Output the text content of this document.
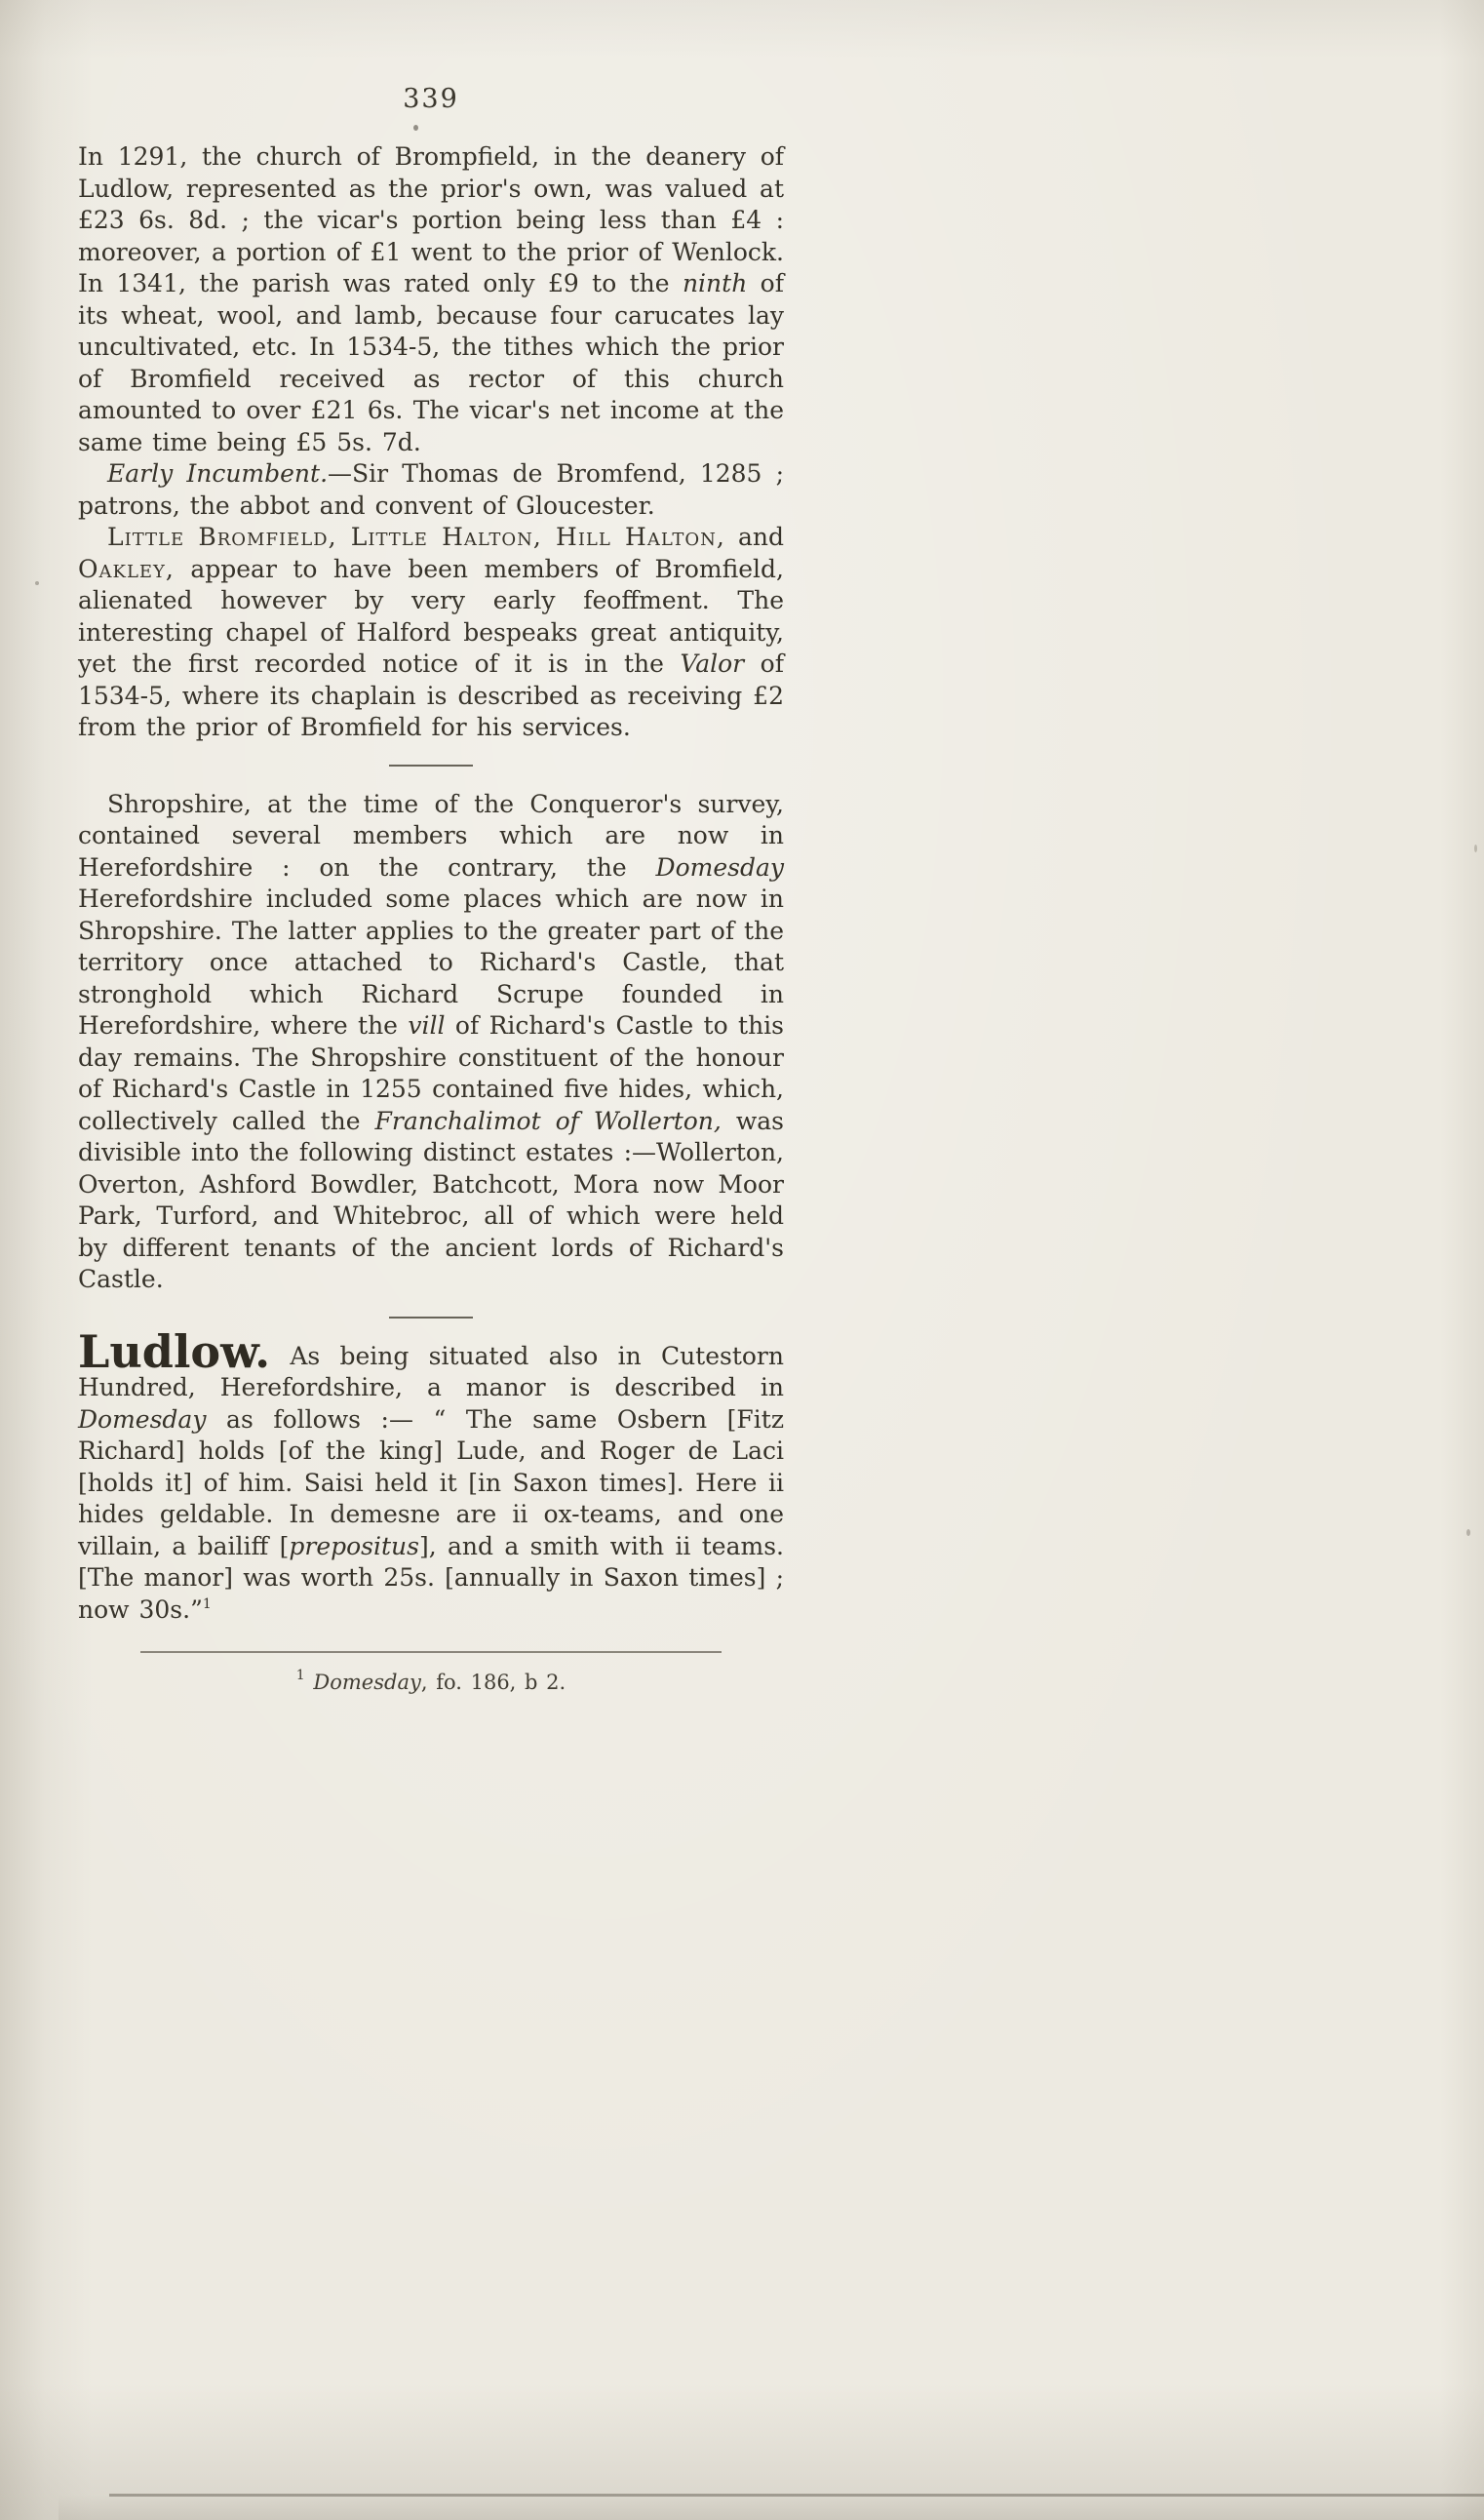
339

In 1291, the church of Brompfield, in the deanery of Ludlow, represented as the prior's own, was valued at £23 6s. 8d. ; the vicar's portion being less than £4 : moreover, a portion of £1 went to the prior of Wenlock. In 1341, the parish was rated only £9 to the ninth of its wheat, wool, and lamb, because four carucates lay uncultivated, etc. In 1534-5, the tithes which the prior of Bromfield received as rector of this church amounted to over £21 6s. The vicar's net income at the same time being £5 5s. 7d.

Early Incumbent.—Sir Thomas de Bromfend, 1285 ; patrons, the abbot and convent of Gloucester.

Little Bromfield, Little Halton, Hill Halton, and Oakley, appear to have been members of Bromfield, alienated however by very early feoffment. The interesting chapel of Halford bespeaks great antiquity, yet the first recorded notice of it is in the Valor of 1534-5, where its chaplain is described as receiving £2 from the prior of Bromfield for his services.

Shropshire, at the time of the Conqueror's survey, contained several members which are now in Herefordshire : on the contrary, the Domesday Herefordshire included some places which are now in Shropshire. The latter applies to the greater part of the territory once attached to Richard's Castle, that stronghold which Richard Scrupe founded in Herefordshire, where the vill of Richard's Castle to this day remains. The Shropshire constituent of the honour of Richard's Castle in 1255 contained five hides, which, collectively called the Franchalimot of Wollerton, was divisible into the following distinct estates :—Wollerton, Overton, Ashford Bowdler, Batchcott, Mora now Moor Park, Turford, and Whitebroc, all of which were held by different tenants of the ancient lords of Richard's Castle.

Ludlow. As being situated also in Cutestorn Hundred, Herefordshire, a manor is described in Domesday as follows :— “ The same Osbern [Fitz Richard] holds [of the king] Lude, and Roger de Laci [holds it] of him. Saisi held it [in Saxon times]. Here ii hides geldable. In demesne are ii ox-teams, and one villain, a bailiff [prepositus], and a smith with ii teams. [The manor] was worth 25s. [annually in Saxon times] ; now 30s.”$^1$

$^1$ Domesday, fo. 186, b 2.
